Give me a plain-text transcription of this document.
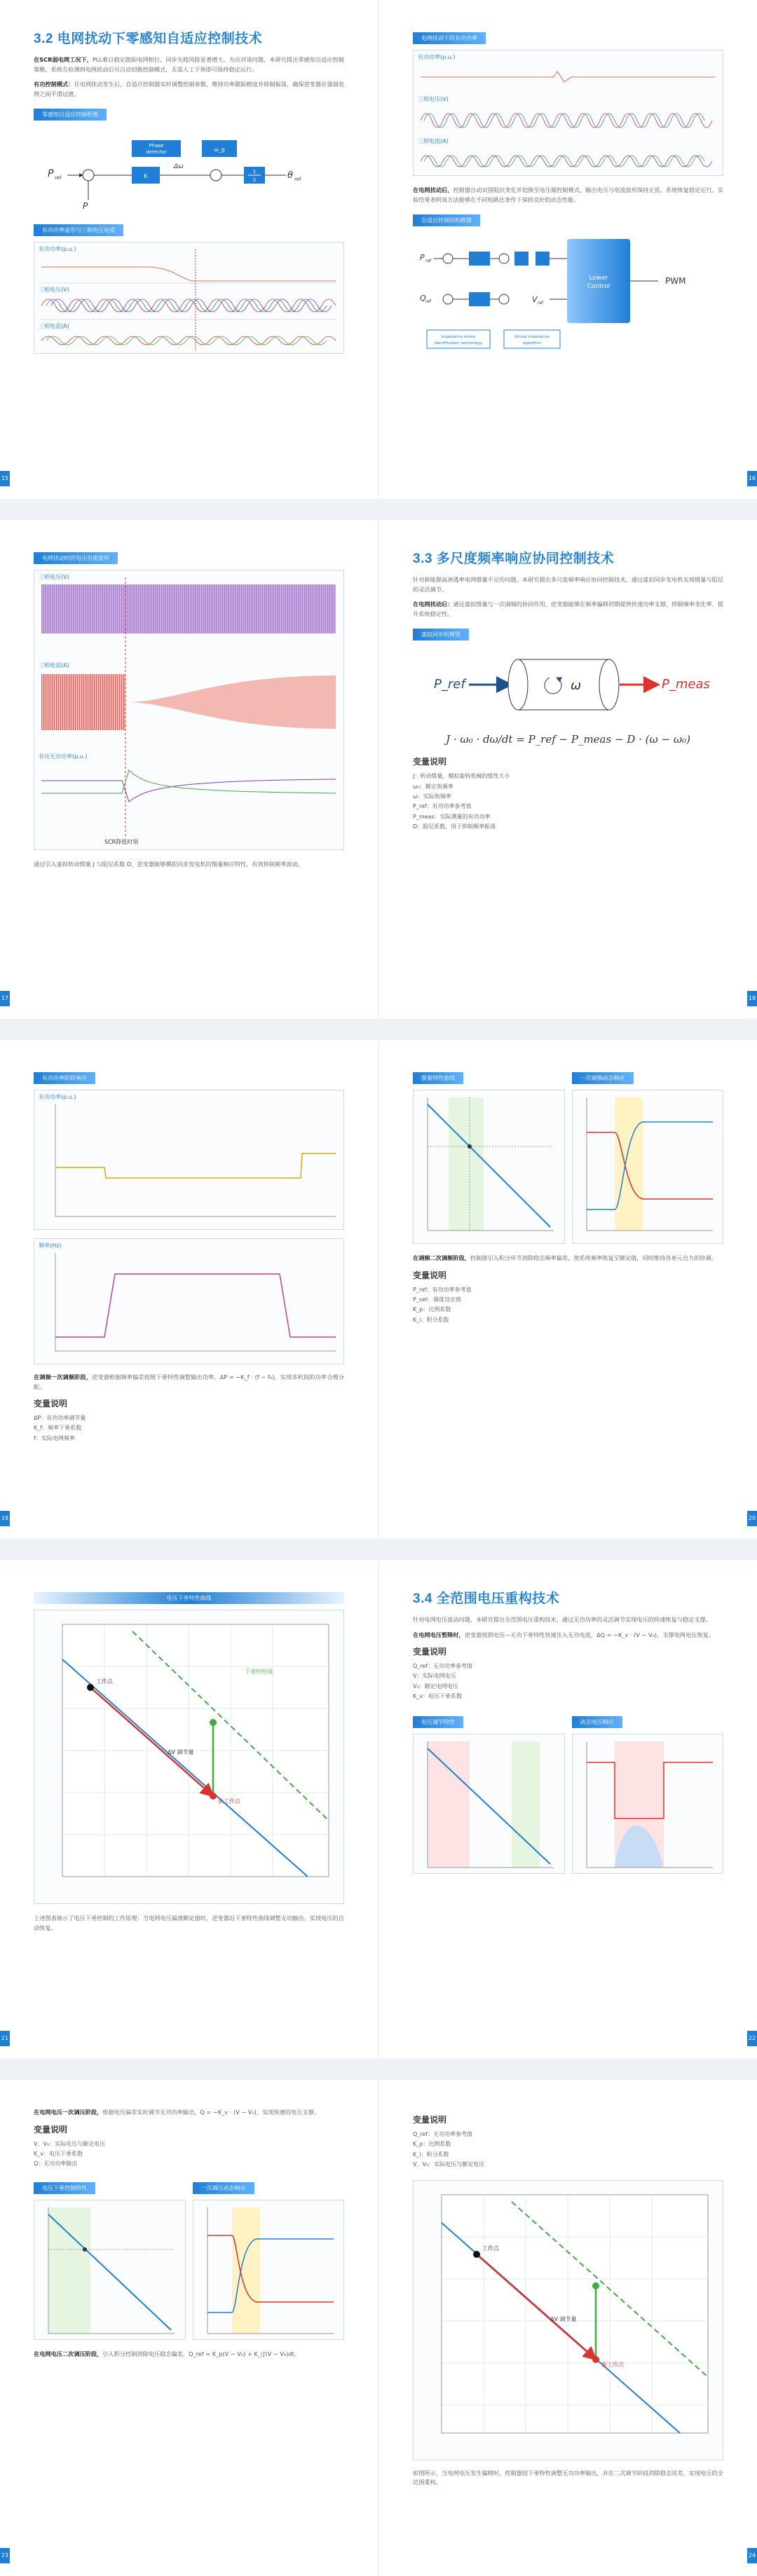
3.2 电网扰动下零感知自适应控制技术

在SCR弱电网工况下，PLL难以稳定跟踪电网相位，同步失稳风险显著增大。为应对该问题，本研究提出零感知自适应控制策略，系统在检测到电网扰动后可自动切换控制模式，无需人工干预即可保持稳定运行。

有功控制模式：在电网扰动发生后，自适应控制器实时调整控制参数，维持功率跟踪精度并抑制振荡，确保逆变器在强弱电网之间平滑过渡。

零感知自适应控制框图
P ref
P
Phase
detector
K
ω_g
Δω
1
S	θ ref
有功功率波形与三相电压电流
有功功率(p.u.)
三相电压(V)
三相电流(A)
15
电网扰动下的有功功率
有功功率(p.u.)
三相电压(V)
三相电流(A)

在电网扰动后，控制器自动识别阻抗变化并切换至电压源控制模式，输出电压与电流波形保持正弦，系统恢复稳定运行。实验结果表明该方法能够在不同短路比条件下保持良好的动态性能。

自适应控制结构框图
P ref
Q ref	V ref
Lower
Control
PWM
Impedance online
identification technology
Virtual impedance
algorithm
16
电网扰动时的电压电流波形
三相电压(V)
三相电流(A)
有功无功功率(p.u.)
SCR降低时刻

通过引入虚拟转动惯量 J 与阻尼系数 D，逆变器能够模拟同步发电机的惯量响应特性，有效抑制频率波动。

17
3.3 多尺度频率响应协同控制技术

针对新能源高渗透率电网惯量不足的问题，本研究提出多尺度频率响应协同控制技术，通过虚拟同步发电机实现惯量与阻尼的灵活调节。

在电网扰动后：通过虚拟惯量与一次调频的协同作用，逆变器能够在频率偏移初期提供快速功率支撑，抑制频率变化率，提升系统稳定性。

虚拟同步机模型
P_ref	ω	P_meas
J · ω₀ · dω/dt = P_ref − P_meas − D · (ω − ω₀)
变量说明
J：转动惯量，模拟旋转机械的惯性大小
ω₀：额定角频率
ω：实际角频率
P_ref：有功功率参考值
P_meas：实际测量的有功功率
D：阻尼系数，用于抑制频率振荡
18
有功功率阶跃响应
有功功率(p.u.)
频率(Hz)

在调频一次调频阶段，逆变器根据频率偏差按照下垂特性调整输出功率，ΔP = −K_f · (f − f₀)，实现多机间的功率合理分配。

变量说明
ΔP：有功功率调节量
K_f：频率下垂系数
f：实际电网频率
19
惯量特性曲线	一次调频动态响应

在调频二次调频阶段，控制器引入积分环节消除稳态频率偏差，使系统频率恢复至额定值，同时维持各单元出力的协调。

变量说明
P_ref：有功功率参考值
P_set：调度设定值
K_p：比例系数
K_i：积分系数
20
电压下垂特性曲线
工作点
新工作点
ΔV 调节量
下垂特性线

上述图表展示了电压下垂控制的工作原理：当电网电压偏离额定值时，逆变器沿下垂特性曲线调整无功输出，实现电压的自动恢复。

21
3.4 全范围电压重构技术

针对电网电压波动问题，本研究提出全范围电压重构技术，通过无功功率的灵活调节实现电压的快速恢复与稳定支撑。

在电网电压暂降时，逆变器按照电压—无功下垂特性快速注入无功电流，ΔQ = −K_v · (V − V₀)，支撑电网电压恢复。

变量说明
Q_ref：无功功率参考值
V：实际电网电压
V₀：额定电网电压
K_v：电压下垂系数
电压调节特性	动态电压响应
22

在电网电压一次调压阶段，根据电压偏差实时调节无功功率输出，Q = −K_v · (V − V₀)，实现快速的电压支撑。

变量说明
V、V₀：实际电压与额定电压
K_v：电压下垂系数
Q：无功功率输出
电压下垂控制特性	一次调压动态响应

在电网电压二次调压阶段，引入积分控制消除电压稳态偏差，Q_ref = K_p(V − V₀) + K_i∫(V − V₀)dt。

23
变量说明
Q_ref：无功功率参考值
K_p：比例系数
K_i：积分系数
V、V₀：实际电压与额定电压
工作点
ΔV 调节量
新工作点

如图所示，当电网电压发生偏移时，控制器按下垂特性调整无功功率输出，并在二次调节阶段消除稳态误差，实现电压的全范围重构。

24
